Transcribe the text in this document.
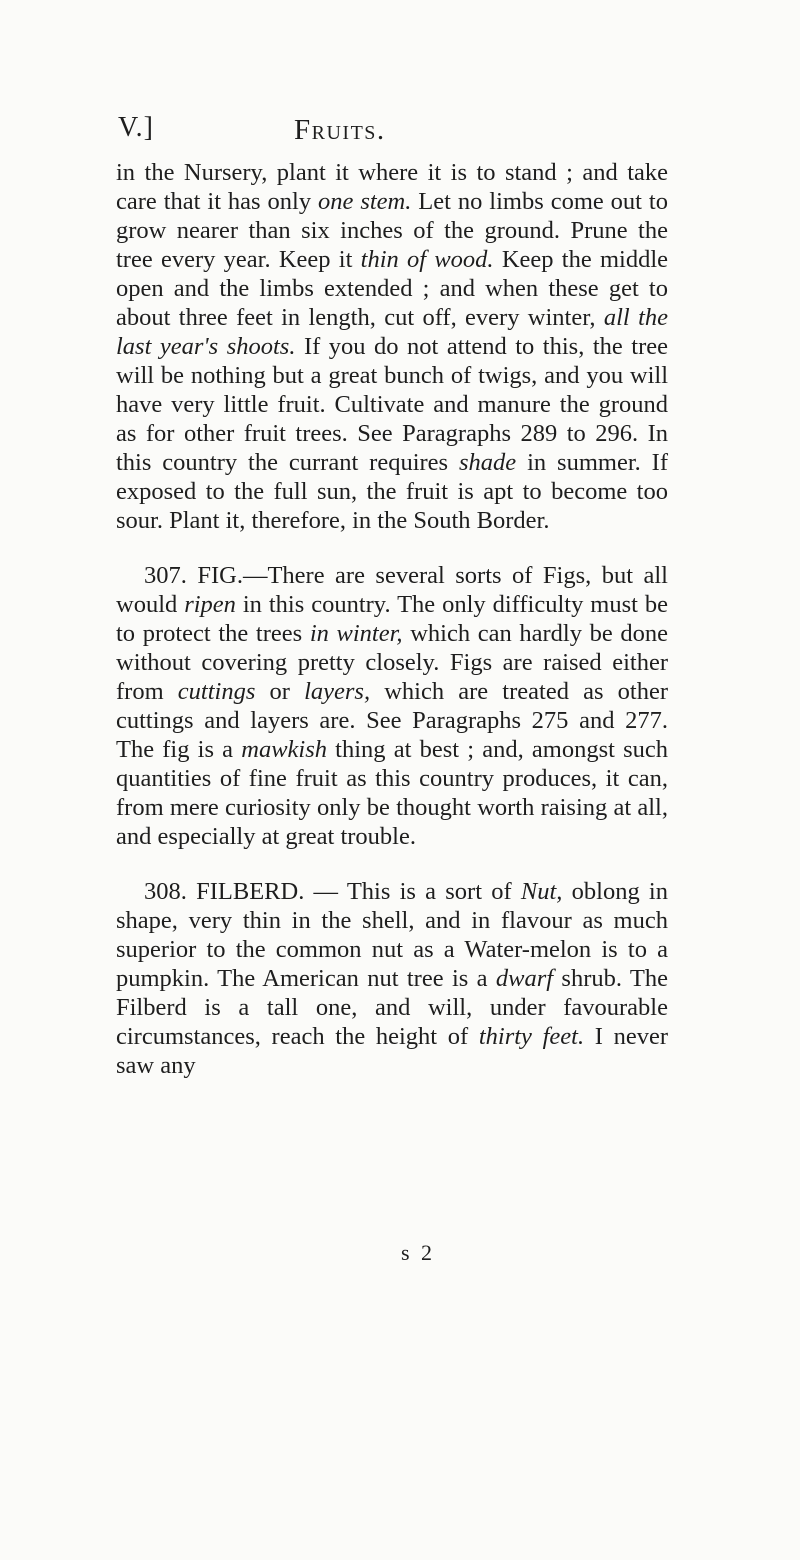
V.]	Fruits.

in the Nursery, plant it where it is to stand ; and take care that it has only one stem. Let no limbs come out to grow nearer than six inches of the ground. Prune the tree every year. Keep it thin of wood. Keep the middle open and the limbs extended ; and when these get to about three feet in length, cut off, every winter, all the last year's shoots. If you do not attend to this, the tree will be nothing but a great bunch of twigs, and you will have very little fruit. Cultivate and manure the ground as for other fruit trees. See Paragraphs 289 to 296. In this country the currant requires shade in summer. If exposed to the full sun, the fruit is apt to become too sour. Plant it, therefore, in the South Border.

307. FIG.—There are several sorts of Figs, but all would ripen in this country. The only difficulty must be to protect the trees in winter, which can hardly be done without covering pretty closely. Figs are raised either from cuttings or layers, which are treated as other cuttings and layers are. See Paragraphs 275 and 277. The fig is a mawkish thing at best ; and, amongst such quantities of fine fruit as this country produces, it can, from mere curiosity only be thought worth raising at all, and especially at great trouble.

308. FILBERD. — This is a sort of Nut, oblong in shape, very thin in the shell, and in flavour as much superior to the common nut as a Water-melon is to a pumpkin. The American nut tree is a dwarf shrub. The Filberd is a tall one, and will, under favourable circumstances, reach the height of thirty feet. I never saw any

s 2
